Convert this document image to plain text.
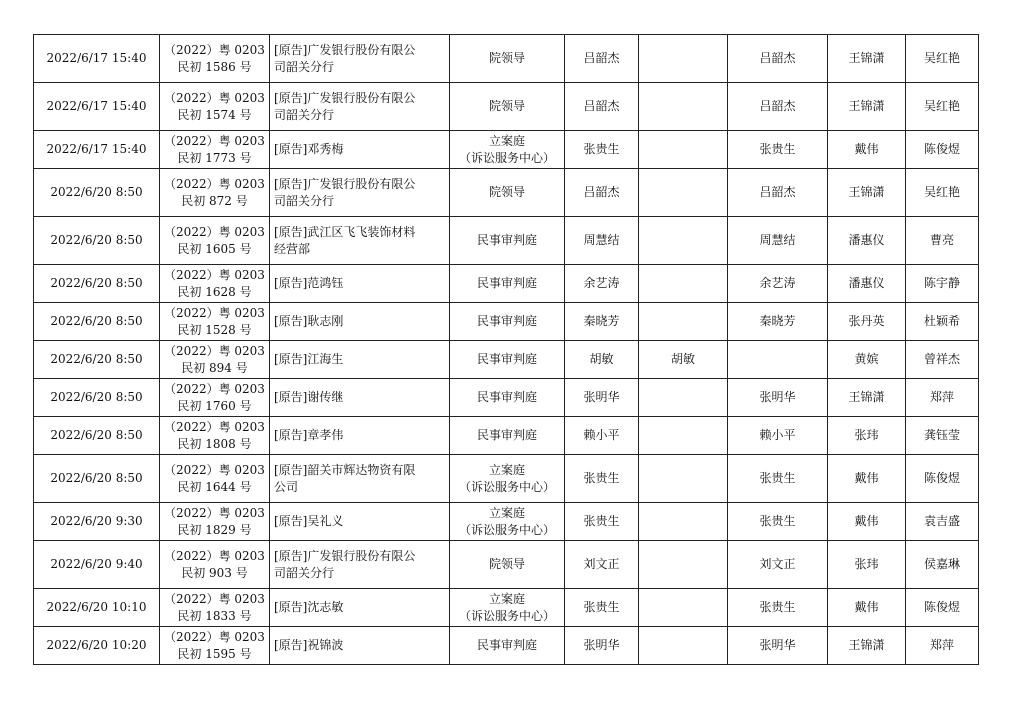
2022/6/17 15:40	（2022）粤 0203
民初 1586 号	[原告]广发银行股份有限公
司韶关分行	院领导	吕韶杰		吕韶杰	王锦潇	吴红艳

2022/6/17 15:40	（2022）粤 0203
民初 1574 号	[原告]广发银行股份有限公
司韶关分行	院领导	吕韶杰		吕韶杰	王锦潇	吴红艳

2022/6/17 15:40	（2022）粤 0203
民初 1773 号	[原告]邓秀梅	立案庭
（诉讼服务中心）	张贵生		张贵生	戴伟	陈俊煜

2022/6/20 8:50	（2022）粤 0203
民初 872 号	[原告]广发银行股份有限公
司韶关分行	院领导	吕韶杰		吕韶杰	王锦潇	吴红艳

2022/6/20 8:50	（2022）粤 0203
民初 1605 号	[原告]武江区飞飞装饰材料
经营部	民事审判庭	周慧结		周慧结	潘惠仪	曹亮

2022/6/20 8:50	（2022）粤 0203
民初 1628 号	[原告]范鸿钰	民事审判庭	余艺涛		余艺涛	潘惠仪	陈宇静

2022/6/20 8:50	（2022）粤 0203
民初 1528 号	[原告]耿志刚	民事审判庭	秦晓芳		秦晓芳	张丹英	杜颖希

2022/6/20 8:50	（2022）粤 0203
民初 894 号	[原告]江海生	民事审判庭	胡敏	胡敏		黄嫔	曾祥杰

2022/6/20 8:50	（2022）粤 0203
民初 1760 号	[原告]谢传继	民事审判庭	张明华		张明华	王锦潇	郑萍

2022/6/20 8:50	（2022）粤 0203
民初 1808 号	[原告]章孝伟	民事审判庭	赖小平		赖小平	张玮	龚钰莹

2022/6/20 8:50	（2022）粤 0203
民初 1644 号	[原告]韶关市辉达物资有限
公司	立案庭
（诉讼服务中心）	张贵生		张贵生	戴伟	陈俊煜

2022/6/20 9:30	（2022）粤 0203
民初 1829 号	[原告]吴礼义	立案庭
（诉讼服务中心）	张贵生		张贵生	戴伟	袁吉盛

2022/6/20 9:40	（2022）粤 0203
民初 903 号	[原告]广发银行股份有限公
司韶关分行	院领导	刘文正		刘文正	张玮	侯嘉琳

2022/6/20 10:10	（2022）粤 0203
民初 1833 号	[原告]沈志敏	立案庭
（诉讼服务中心）	张贵生		张贵生	戴伟	陈俊煜

2022/6/20 10:20	（2022）粤 0203
民初 1595 号	[原告]祝锦波	民事审判庭	张明华		张明华	王锦潇	郑萍
